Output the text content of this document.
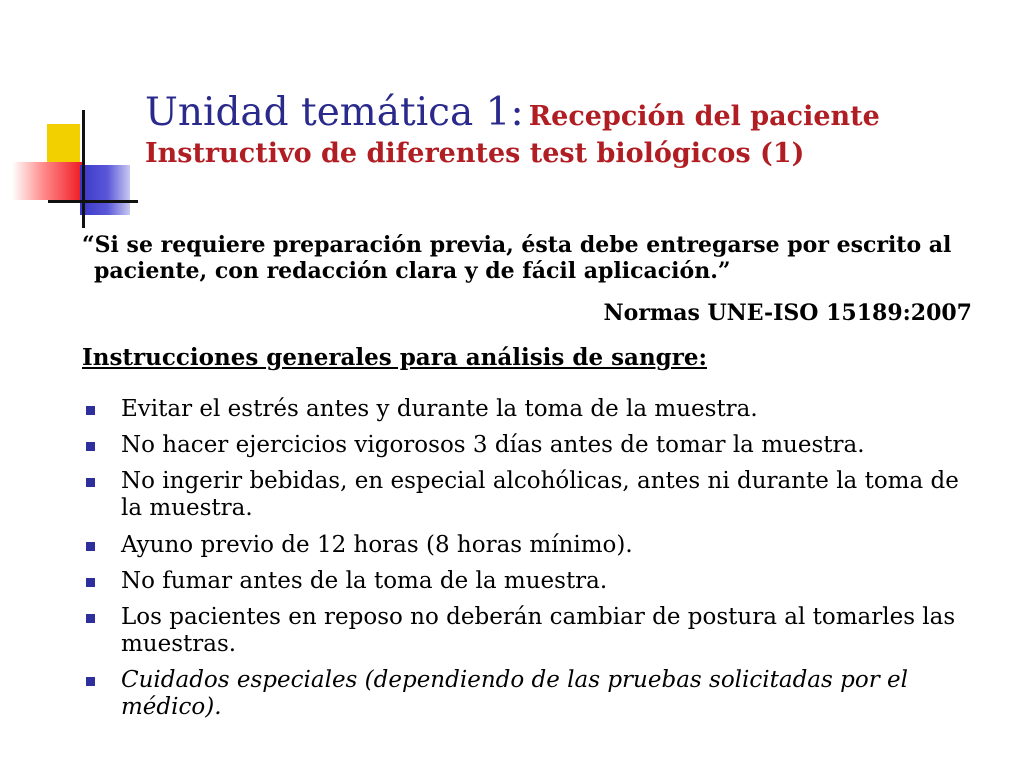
Unidad temática 1: Recepción del paciente
Instructivo de diferentes test biológicos (1)
“Si se requiere preparación previa, ésta debe entregarse por escrito al paciente, con redacción clara y de fácil aplicación.”
Normas UNE-ISO 15189:2007
Instrucciones generales para análisis de sangre:
Evitar el estrés antes y durante la toma de la muestra.
No hacer ejercicios vigorosos 3 días antes de tomar la muestra.
No ingerir bebidas, en especial alcohólicas, antes ni durante la toma de la muestra.
Ayuno previo de 12 horas (8 horas mínimo).
No fumar antes de la toma de la muestra.
Los pacientes en reposo no deberán cambiar de postura al tomarles las muestras.
Cuidados especiales (dependiendo de las pruebas solicitadas por el médico).
